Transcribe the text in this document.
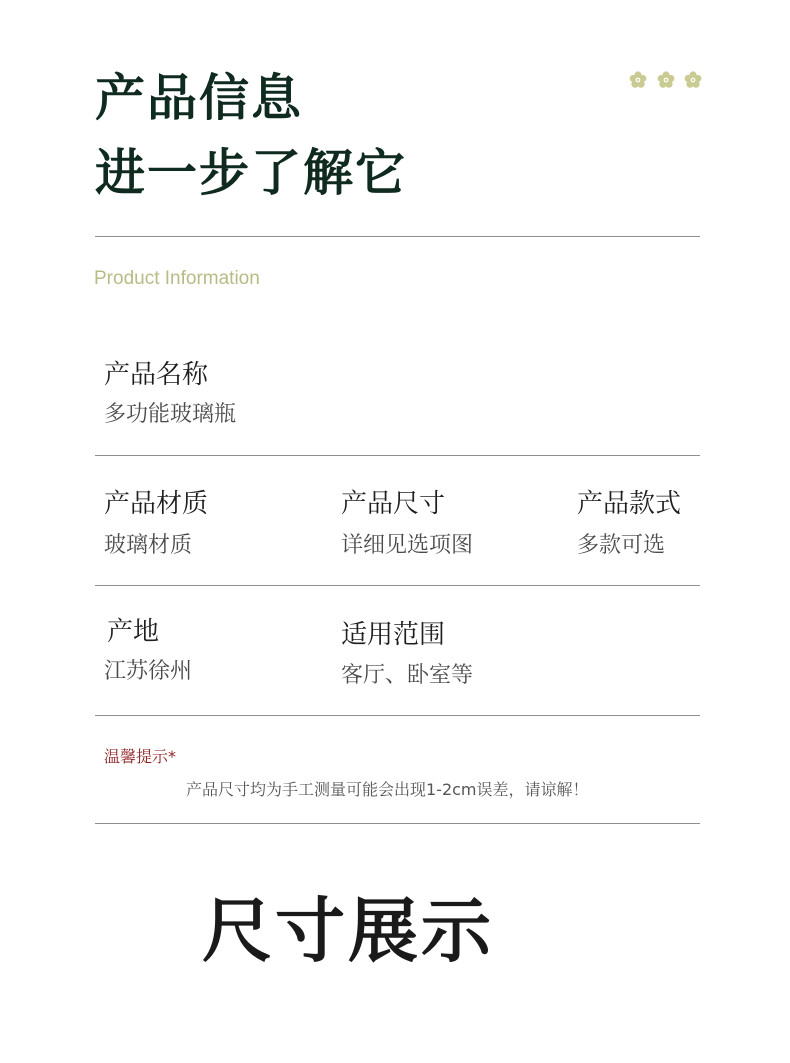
产品信息
进一步了解它
Product Information
产品名称
多功能玻璃瓶
产品材质
玻璃材质
产品尺寸
详细见选项图
产品款式
多款可选
产地
江苏徐州
适用范围
客厅、卧室等
温馨提示*
产品尺寸均为手工测量可能会出现1-2cm误差，请谅解！
尺寸展示
